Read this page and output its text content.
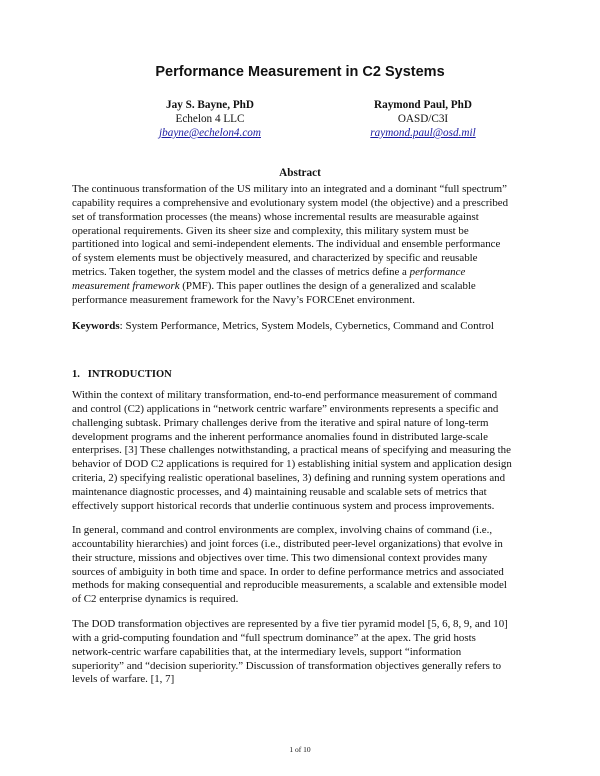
Performance Measurement in C2 Systems
Jay S. Bayne, PhD
Echelon 4 LLC
jbayne@echelon4.com
Raymond Paul, PhD
OASD/C3I
raymond.paul@osd.mil
Abstract
The continuous transformation of the US military into an integrated and a dominant “full spectrum”
capability requires a comprehensive and evolutionary system model (the objective) and a prescribed
set of transformation processes (the means) whose incremental results are measurable against
operational requirements. Given its sheer size and complexity, this military system must be
partitioned into logical and semi-independent elements. The individual and ensemble performance
of system elements must be objectively measured, and characterized by specific and reusable
metrics. Taken together, the system model and the classes of metrics define a performance
measurement framework (PMF). This paper outlines the design of a generalized and scalable
performance measurement framework for the Navy’s FORCEnet environment.
Keywords: System Performance, Metrics, System Models, Cybernetics, Command and Control
1. INTRODUCTION
Within the context of military transformation, end-to-end performance measurement of command
and control (C2) applications in “network centric warfare” environments represents a specific and
challenging subtask. Primary challenges derive from the iterative and spiral nature of long-term
development programs and the inherent performance anomalies found in distributed large-scale
enterprises. [3] These challenges notwithstanding, a practical means of specifying and measuring the
behavior of DOD C2 applications is required for 1) establishing initial system and application design
criteria, 2) specifying realistic operational baselines, 3) defining and running system operations and
maintenance diagnostic processes, and 4) maintaining reusable and scalable sets of metrics that
effectively support historical records that underlie continuous system and process improvements.
In general, command and control environments are complex, involving chains of command (i.e.,
accountability hierarchies) and joint forces (i.e., distributed peer-level organizations) that evolve in
their structure, missions and objectives over time. This two dimensional context provides many
sources of ambiguity in both time and space. In order to define performance metrics and associated
methods for making consequential and reproducible measurements, a scalable and extensible model
of C2 enterprise dynamics is required.
The DOD transformation objectives are represented by a five tier pyramid model [5, 6, 8, 9, and 10]
with a grid-computing foundation and “full spectrum dominance” at the apex. The grid hosts
network-centric warfare capabilities that, at the intermediary levels, support “information
superiority” and “decision superiority.” Discussion of transformation objectives generally refers to
levels of warfare. [1, 7]
1 of 10
